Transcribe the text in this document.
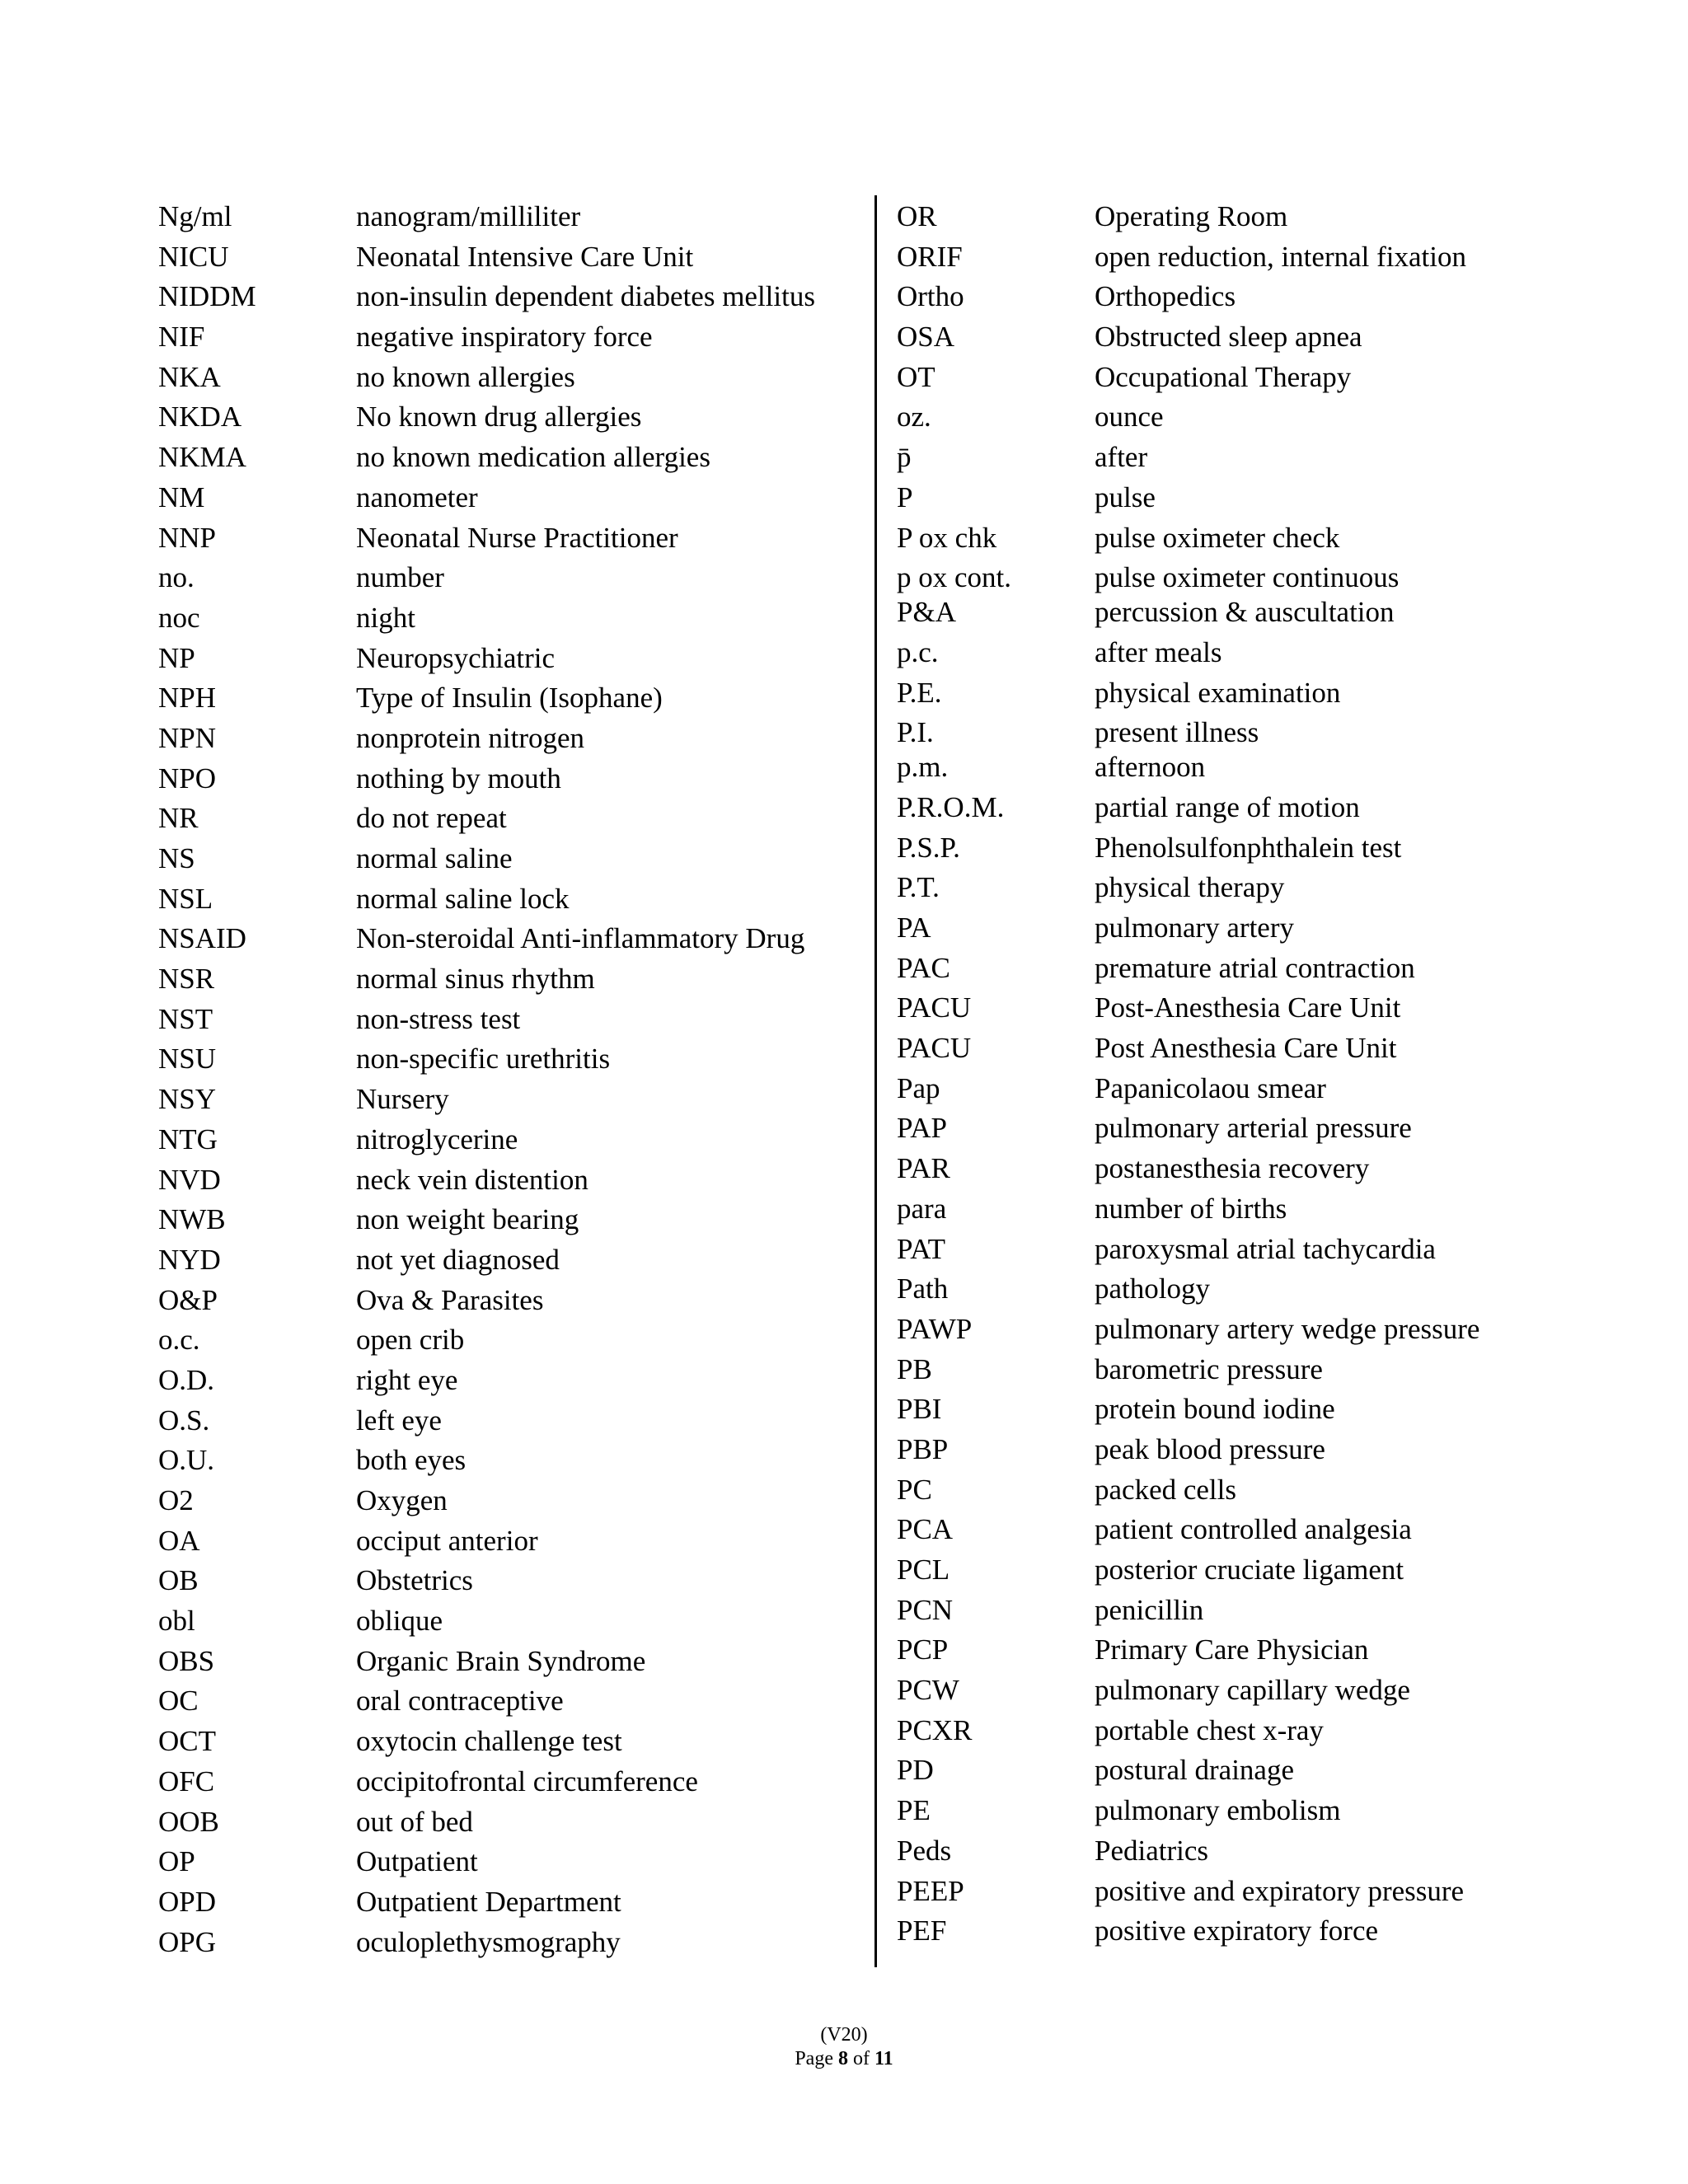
Ng/ml	nanogram/milliliter
NICU	Neonatal Intensive Care Unit
NIDDM	non-insulin dependent diabetes mellitus
NIF	negative inspiratory force
NKA	no known allergies
NKDA	No known drug allergies
NKMA	no known medication allergies
NM	nanometer
NNP	Neonatal Nurse Practitioner
no.	number
noc	night
NP	Neuropsychiatric
NPH	Type of Insulin (Isophane)
NPN	nonprotein nitrogen
NPO	nothing by mouth
NR	do not repeat
NS	normal saline
NSL	normal saline lock
NSAID	Non-steroidal Anti-inflammatory Drug
NSR	normal sinus rhythm
NST	non-stress test
NSU	non-specific urethritis
NSY	Nursery
NTG	nitroglycerine
NVD	neck vein distention
NWB	non weight bearing
NYD	not yet diagnosed
O&P	Ova & Parasites
o.c.	open crib
O.D.	right eye
O.S.	left eye
O.U.	both eyes
O2	Oxygen
OA	occiput anterior
OB	Obstetrics
obl	oblique
OBS	Organic Brain Syndrome
OC	oral contraceptive
OCT	oxytocin challenge test
OFC	occipitofrontal circumference
OOB	out of bed
OP	Outpatient
OPD	Outpatient Department
OPG	oculoplethysmography
OR	Operating Room
ORIF	open reduction, internal fixation
Ortho	Orthopedics
OSA	Obstructed sleep apnea
OT	Occupational Therapy
oz.	ounce
p̄	after
P	pulse
P ox chk	pulse oximeter check
p ox cont.	pulse oximeter continuous
P&A	percussion & auscultation
p.c.	after meals
P.E.	physical examination
P.I.	present illness
p.m.	afternoon
P.R.O.M.	partial range of motion
P.S.P.	Phenolsulfonphthalein test
P.T.	physical therapy
PA	pulmonary artery
PAC	premature atrial contraction
PACU	Post-Anesthesia Care Unit
PACU	Post Anesthesia Care Unit
Pap	Papanicolaou smear
PAP	pulmonary arterial pressure
PAR	postanesthesia recovery
para	number of births
PAT	paroxysmal atrial tachycardia
Path	pathology
PAWP	pulmonary artery wedge pressure
PB	barometric pressure
PBI	protein bound iodine
PBP	peak blood pressure
PC	packed cells
PCA	patient controlled analgesia
PCL	posterior cruciate ligament
PCN	penicillin
PCP	Primary Care Physician
PCW	pulmonary capillary wedge
PCXR	portable chest x-ray
PD	postural drainage
PE	pulmonary embolism
Peds	Pediatrics
PEEP	positive and expiratory pressure
PEF	positive expiratory force
(V20)
Page 8 of 11
